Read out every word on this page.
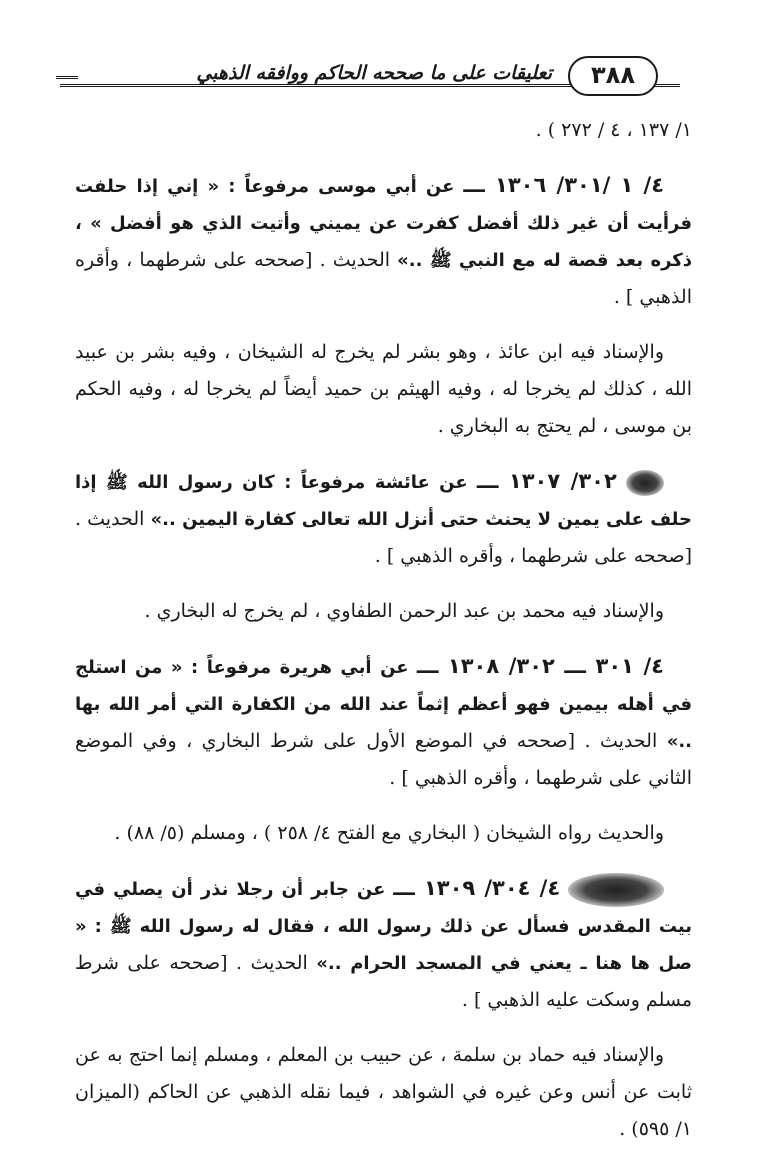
تعليقات على ما صححه الحاكم ووافقه الذهبي	٣٨٨

١/ ١٣٧ ، ٤ / ٢٧٢ ) .

٤/ ١ /٣٠١/ ١٣٠٦ ـــ عن أبي موسى مرفوعاً : « إني إذا حلفت فرأيت أن غير ذلك أفضل كفرت عن يميني وأتيت الذي هو أفضل » ، ذكره بعد قصة له مع النبي ﷺ ..» الحديث . [صححه على شرطهما ، وأقره الذهبي ] .

والإسناد فيه ابن عائذ ، وهو بشر لم يخرج له الشيخان ، وفيه بشر بن عبيد الله ، كذلك لم يخرجا له ، وفيه الهيثم بن حميد أيضاً لم يخرجا له ، وفيه الحكم بن موسى ، لم يحتج به البخاري .

٣٠٢/ ١٣٠٧ ـــ عن عائشة مرفوعاً : كان رسول الله ﷺ إذا حلف على يمين لا يحنث حتى أنزل الله تعالى كفارة اليمين ..» الحديث . [صححه على شرطهما ، وأقره الذهبي ] .

والإسناد فيه محمد بن عبد الرحمن الطفاوي ، لم يخرج له البخاري .

٤/ ٣٠١ ـــ ٣٠٢/ ١٣٠٨ ـــ عن أبي هريرة مرفوعاً : « من استلج في أهله بيمين فهو أعظم إثماً عند الله من الكفارة التي أمر الله بها ..» الحديث . [صححه في الموضع الأول على شرط البخاري ، وفي الموضع الثاني على شرطهما ، وأقره الذهبي ] .

والحديث رواه الشيخان ( البخاري مع الفتح ٤/ ٢٥٨ ) ، ومسلم (٥/ ٨٨) .

٤/ ٣٠٤/ ١٣٠٩ ـــ عن جابر أن رجلا نذر أن يصلي في بيت المقدس فسأل عن ذلك رسول الله ، فقال له رسول الله ﷺ : « صل ها هنا ـ يعني في المسجد الحرام ..» الحديث . [صححه على شرط مسلم وسكت عليه الذهبي ] .

والإسناد فيه حماد بن سلمة ، عن حبيب بن المعلم ، ومسلم إنما احتج به عن ثابت عن أنس وعن غيره في الشواهد ، فيما نقله الذهبي عن الحاكم (الميزان ١/ ٥٩٥) .
